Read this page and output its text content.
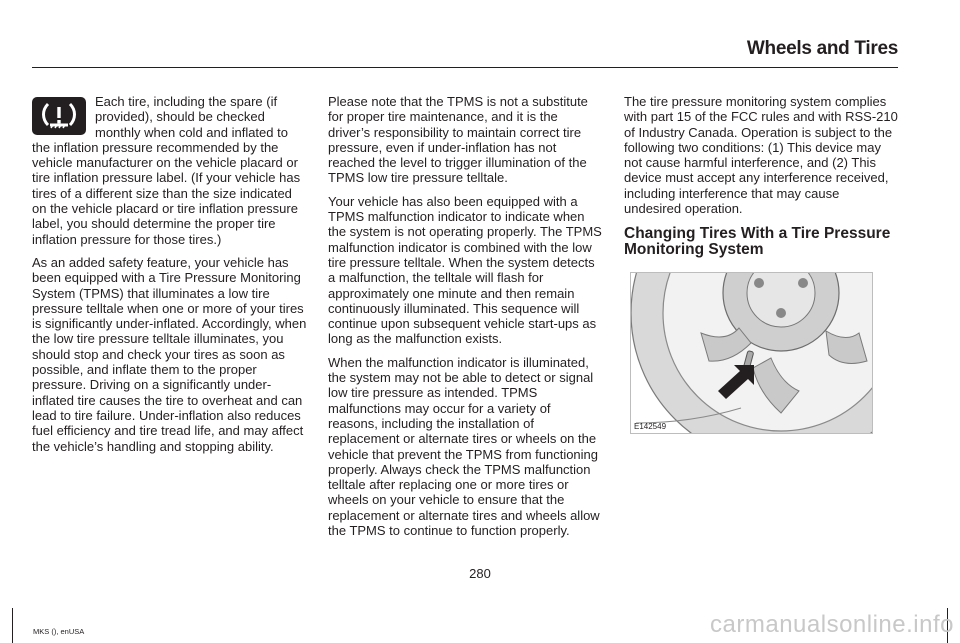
Wheels and Tires

Each tire, including the spare (if provided), should be checked monthly when cold and inflated to the inflation pressure recommended by the vehicle manufacturer on the vehicle placard or tire inflation pressure label. (If your vehicle has tires of a different size than the size indicated on the vehicle placard or tire inflation pressure label, you should determine the proper tire inflation pressure for those tires.)

As an added safety feature, your vehicle has been equipped with a Tire Pressure Monitoring System (TPMS) that illuminates a low tire pressure telltale when one or more of your tires is significantly under-inflated. Accordingly, when the low tire pressure telltale illuminates, you should stop and check your tires as soon as possible, and inflate them to the proper pressure. Driving on a significantly under-inflated tire causes the tire to overheat and can lead to tire failure. Under-inflation also reduces fuel efficiency and tire tread life, and may affect the vehicle’s handling and stopping ability.

Please note that the TPMS is not a substitute for proper tire maintenance, and it is the driver’s responsibility to maintain correct tire pressure, even if under-inflation has not reached the level to trigger illumination of the TPMS low tire pressure telltale.

Your vehicle has also been equipped with a TPMS malfunction indicator to indicate when the system is not operating properly. The TPMS malfunction indicator is combined with the low tire pressure telltale. When the system detects a malfunction, the telltale will flash for approximately one minute and then remain continuously illuminated. This sequence will continue upon subsequent vehicle start-ups as long as the malfunction exists.

When the malfunction indicator is illuminated, the system may not be able to detect or signal low tire pressure as intended. TPMS malfunctions may occur for a variety of reasons, including the installation of replacement or alternate tires or wheels on the vehicle that prevent the TPMS from functioning properly. Always check the TPMS malfunction telltale after replacing one or more tires or wheels on your vehicle to ensure that the replacement or alternate tires and wheels allow the TPMS to continue to function properly.

The tire pressure monitoring system complies with part 15 of the FCC rules and with RSS-210 of Industry Canada. Operation is subject to the following two conditions: (1) This device may not cause harmful interference, and (2) This device must accept any interference received, including interference that may cause undesired operation.

Changing Tires With a Tire Pressure Monitoring System
E142549
280
MKS (), enUSA	carmanualsonline.info
